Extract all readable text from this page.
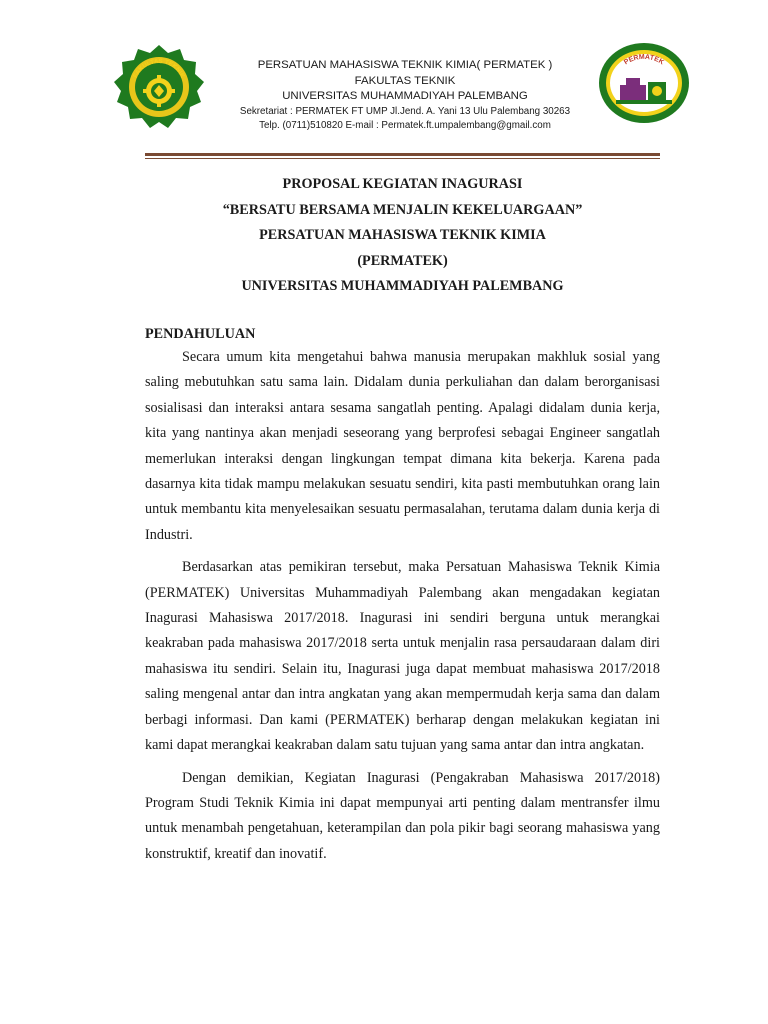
FAKULTAS TEKNIK
PERSATUAN MAHASISWA TEKNIK KIMIA( PERMATEK )
FAKULTAS TEKNIK
UNIVERSITAS MUHAMMADIYAH PALEMBANG
Sekretariat : PERMATEK FT UMP Jl.Jend. A. Yani 13 Ulu Palembang 30263
Telp. (0711)510820 E-mail : Permatek.ft.umpalembang@gmail.com
PERMATEK
PROPOSAL KEGIATAN INAGURASI
“BERSATU BERSAMA MENJALIN KEKELUARGAAN”
PERSATUAN MAHASISWA TEKNIK KIMIA
(PERMATEK)
UNIVERSITAS MUHAMMADIYAH PALEMBANG
PENDAHULUAN

Secara umum kita mengetahui bahwa manusia merupakan makhluk sosial yang saling mebutuhkan satu sama lain. Didalam dunia perkuliahan dan dalam berorganisasi sosialisasi dan interaksi antara sesama sangatlah penting. Apalagi didalam dunia kerja, kita yang nantinya akan menjadi seseorang yang berprofesi sebagai Engineer sangatlah memerlukan interaksi dengan lingkungan tempat dimana kita bekerja. Karena pada dasarnya kita tidak mampu melakukan sesuatu sendiri, kita pasti membutuhkan orang lain untuk membantu kita menyelesaikan sesuatu permasalahan, terutama dalam dunia kerja di Industri.

Berdasarkan atas pemikiran tersebut, maka Persatuan Mahasiswa Teknik Kimia (PERMATEK) Universitas Muhammadiyah Palembang akan mengadakan kegiatan Inagurasi Mahasiswa 2017/2018. Inagurasi ini sendiri berguna untuk merangkai keakraban pada mahasiswa 2017/2018 serta untuk menjalin rasa persaudaraan dalam diri mahasiswa itu sendiri. Selain itu, Inagurasi juga dapat membuat mahasiswa 2017/2018 saling mengenal antar dan intra angkatan yang akan mempermudah kerja sama dan dalam berbagi informasi. Dan kami (PERMATEK) berharap dengan melakukan kegiatan ini kami dapat merangkai keakraban dalam satu tujuan yang sama antar dan intra angkatan.

Dengan demikian, Kegiatan Inagurasi (Pengakraban Mahasiswa 2017/2018) Program Studi Teknik Kimia ini dapat mempunyai arti penting dalam mentransfer ilmu untuk menambah pengetahuan, keterampilan dan pola pikir bagi seorang mahasiswa yang konstruktif, kreatif dan inovatif.
